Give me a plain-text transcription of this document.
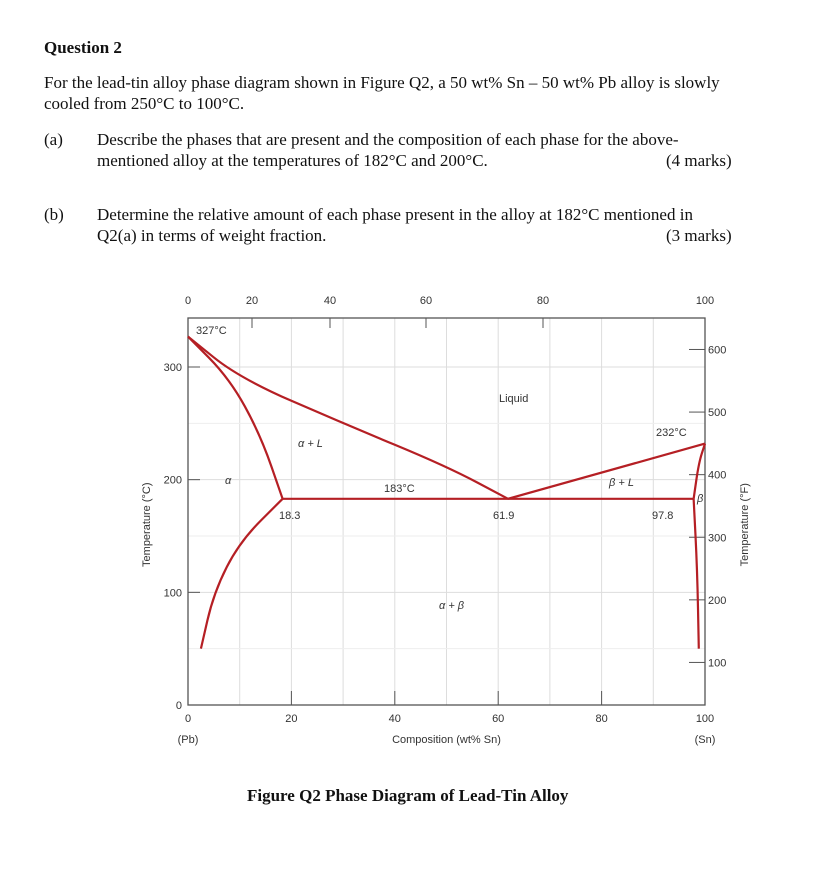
Question 2
For the lead-tin alloy phase diagram shown in Figure Q2, a 50 wt% Sn – 50 wt% Pb alloy is slowly
cooled from 250°C to 100°C.
(a) Describe the phases that are present and the composition of each phase for the above-
mentioned alloy at the temperatures of 182°C and 200°C.	(4 marks)
(b) Determine the relative amount of each phase present in the alloy at 182°C mentioned in
Q2(a) in terms of weight fraction.	(3 marks)
0	20	40	60	80	100
0
100
200
300
0	20	40	60	80	100
100
200
300
400
500
600
Composition (wt% Sn)
(Pb)	(Sn)
Temperature (°C)	Temperature (°F)
327°C
232°C
183°C
18.3	61.9	97.8
Liquid
α + L
β + L
α
β
α + β
Figure Q2 Phase Diagram of Lead-Tin Alloy
